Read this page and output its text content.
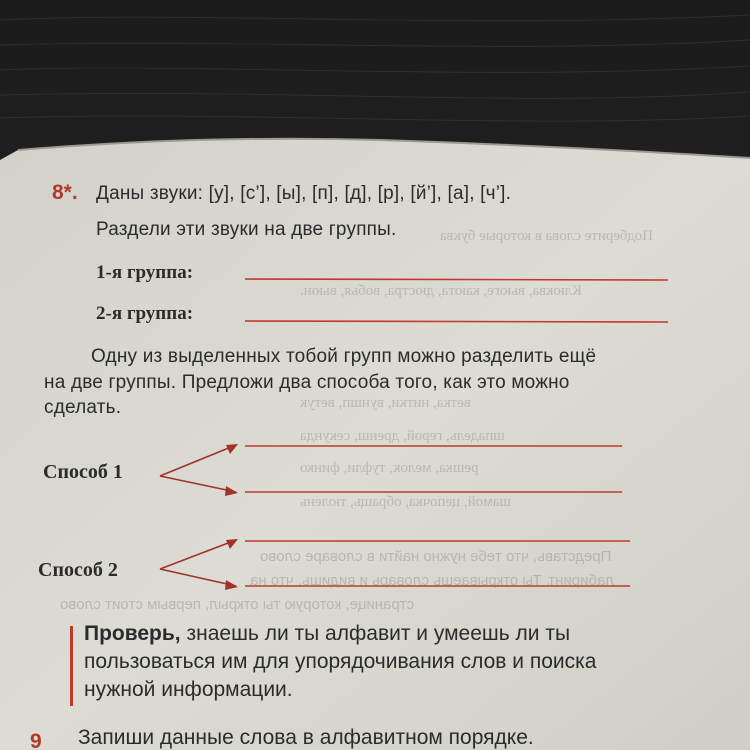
Подберите слова в которые буква
Клюква, вьюге, каюта, дюстра, вобья, вьюн.
ветка, нитки, вуншп, ветук
шпадель, герой, дренш, секунда
решка, мелок, туфли, финко
шамой, цепочка, обращь, тюлень
Представь, что тебе нужно найти в словаре слово
лабиринт. Ты открываешь словарь и видишь, что на
странице, которую ты открыл, первым стоит слово
8*. Даны звуки: [у], [с’], [ы], [п], [д], [р], [й’], [а], [ч’].
Раздели эти звуки на две группы.
1-я группа:
2-я группа:
Одну из выделенных тобой групп можно разделить ещё
на две группы. Предложи два способа того, как это можно
сделать.
Способ 1
Способ 2
Проверь, знаешь ли ты алфавит и умеешь ли ты
пользоваться им для упорядочивания слов и поиска
нужной информации.
9 Запиши данные слова в алфавитном порядке.
